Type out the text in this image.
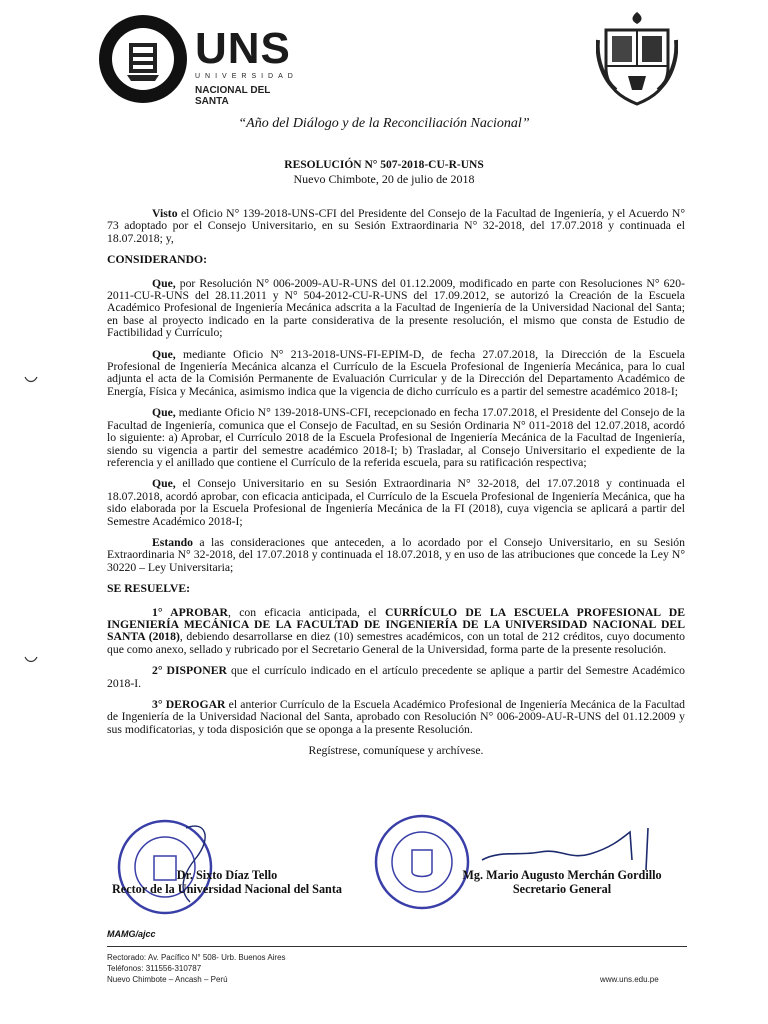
UNS
UNIVERSIDAD
NACIONAL DEL SANTA
“Año del Diálogo y de la Reconciliación Nacional”
RESOLUCIÓN N° 507-2018-CU-R-UNS
Nuevo Chimbote, 20 de julio de 2018

Visto el Oficio N° 139-2018-UNS-CFI del Presidente del Consejo de la Facultad de Ingeniería, y el Acuerdo N° 73 adoptado por el Consejo Universitario, en su Sesión Extraordinaria N° 32-2018, del 17.07.2018 y continuada el 18.07.2018; y,

CONSIDERANDO:

Que, por Resolución N° 006-2009-AU-R-UNS del 01.12.2009, modificado en parte con Resoluciones N° 620-2011-CU-R-UNS del 28.11.2011 y N° 504-2012-CU-R-UNS del 17.09.2012, se autorizó la Creación de la Escuela Académico Profesional de Ingeniería Mecánica adscrita a la Facultad de Ingeniería de la Universidad Nacional del Santa; en base al proyecto indicado en la parte considerativa de la presente resolución, el mismo que consta de Estudio de Factibilidad y Currículo;

Que, mediante Oficio N° 213-2018-UNS-FI-EPIM-D, de fecha 27.07.2018, la Dirección de la Escuela Profesional de Ingeniería Mecánica alcanza el Currículo de la Escuela Profesional de Ingeniería Mecánica, para lo cual adjunta el acta de la Comisión Permanente de Evaluación Curricular y de la Dirección del Departamento Académico de Energía, Física y Mecánica, asimismo indica que la vigencia de dicho currículo es a partir del semestre académico 2018-I;

Que, mediante Oficio N° 139-2018-UNS-CFI, recepcionado en fecha 17.07.2018, el Presidente del Consejo de la Facultad de Ingeniería, comunica que el Consejo de Facultad, en su Sesión Ordinaria N° 011-2018 del 12.07.2018, acordó lo siguiente: a) Aprobar, el Currículo 2018 de la Escuela Profesional de Ingeniería Mecánica de la Facultad de Ingeniería, siendo su vigencia a partir del semestre académico 2018-I; b) Trasladar, al Consejo Universitario el expediente de la referencia y el anillado que contiene el Currículo de la referida escuela, para su ratificación respectiva;

Que, el Consejo Universitario en su Sesión Extraordinaria N° 32-2018, del 17.07.2018 y continuada el 18.07.2018, acordó aprobar, con eficacia anticipada, el Currículo de la Escuela Profesional de Ingeniería Mecánica, que ha sido elaborada por la Escuela Profesional de Ingeniería Mecánica de la FI (2018), cuya vigencia se aplicará a partir del Semestre Académico 2018-I;

Estando a las consideraciones que anteceden, a lo acordado por el Consejo Universitario, en su Sesión Extraordinaria N° 32-2018, del 17.07.2018 y continuada el 18.07.2018, y en uso de las atribuciones que concede la Ley N° 30220 – Ley Universitaria;

SE RESUELVE:

1° APROBAR, con eficacia anticipada, el CURRÍCULO DE LA ESCUELA PROFESIONAL DE INGENIERÍA MECÁNICA DE LA FACULTAD DE INGENIERÍA DE LA UNIVERSIDAD NACIONAL DEL SANTA (2018), debiendo desarrollarse en diez (10) semestres académicos, con un total de 212 créditos, cuyo documento que como anexo, sellado y rubricado por el Secretario General de la Universidad, forma parte de la presente resolución.

2° DISPONER que el currículo indicado en el artículo precedente se aplique a partir del Semestre Académico 2018-I.

3° DEROGAR el anterior Currículo de la Escuela Académico Profesional de Ingeniería Mecánica de la Facultad de Ingeniería de la Universidad Nacional del Santa, aprobado con Resolución N° 006-2009-AU-R-UNS del 01.12.2009 y sus modificatorias, y toda disposición que se oponga a la presente Resolución.

Regístrese, comuníquese y archívese.

Dr. Sixto Díaz Tello
Rector de la Universidad Nacional del Santa
Mg. Mario Augusto Merchán Gordillo
Secretario General
MAMG/ajcc
Rectorado: Av. Pacífico N° 508- Urb. Buenos Aires
Teléfonos: 311556-310787
Nuevo Chimbote – Ancash – Perú	www.uns.edu.pe
